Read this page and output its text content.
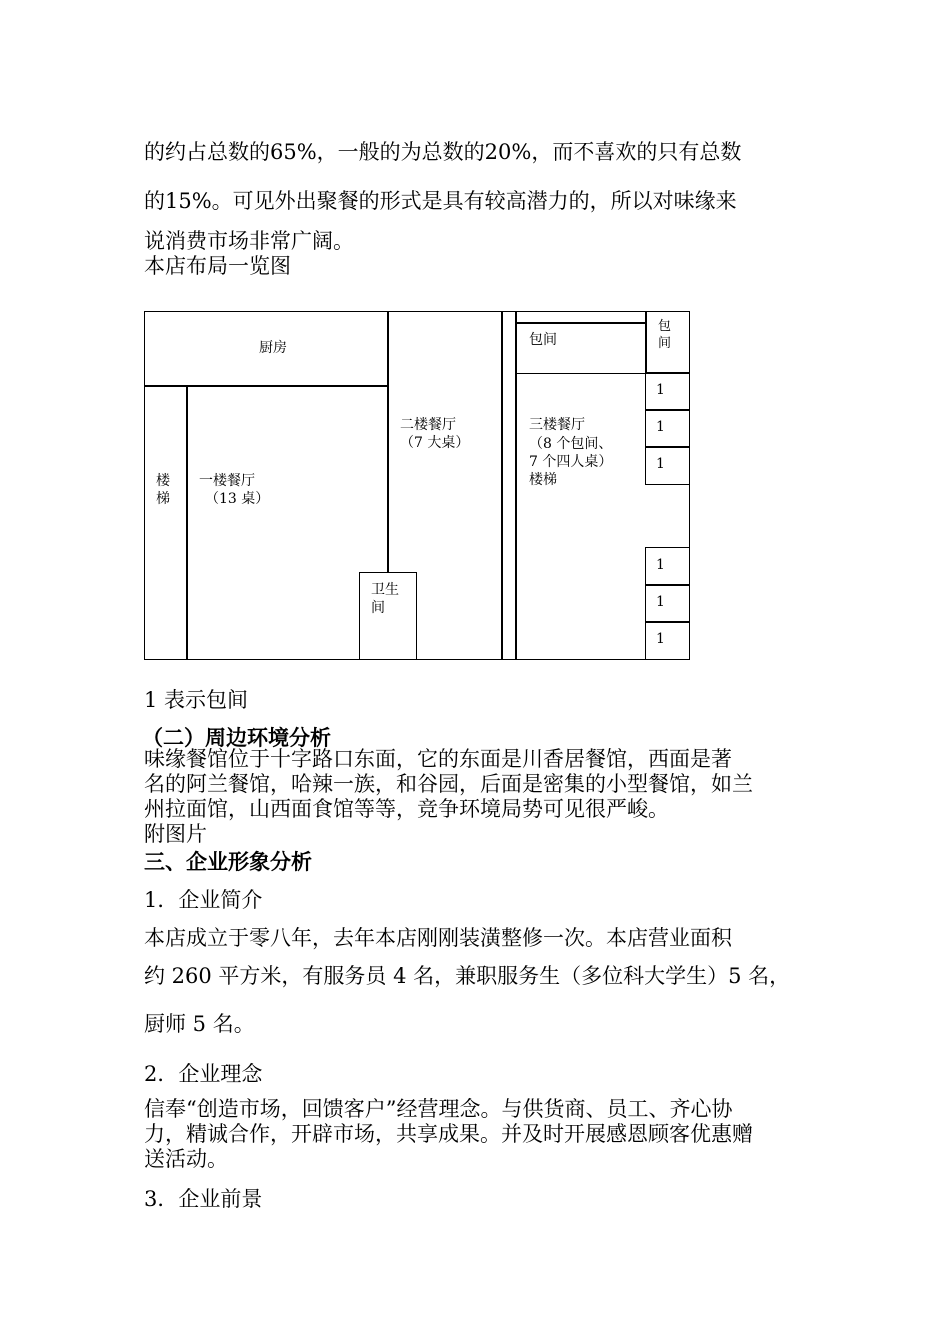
的约占总数的65%，一般的为总数的20%，而不喜欢的只有总数
的15%。可见外出聚餐的形式是具有较高潜力的，所以对味缘来
说消费市场非常广阔。
本店布局一览图
厨房
楼
梯
一楼餐厅
（13 桌）
二楼餐厅
（7 大桌）
卫生
间
包间
包
间
三楼餐厅
（8 个包间、
7 个四人桌）
楼梯
1
1
1
1
1
1
1 表示包间
（二）周边环境分析
味缘餐馆位于十字路口东面，它的东面是川香居餐馆，西面是著
名的阿兰餐馆，哈辣一族，和谷园，后面是密集的小型餐馆，如兰
州拉面馆，山西面食馆等等，竞争环境局势可见很严峻。
附图片
三、企业形象分析
1．企业简介
本店成立于零八年，去年本店刚刚装潢整修一次。本店营业面积
约 260 平方米，有服务员 4 名，兼职服务生（多位科大学生）5 名，
厨师 5 名。
2．企业理念
信奉“创造市场，回馈客户”经营理念。与供货商、员工、齐心协
力，精诚合作，开辟市场，共享成果。并及时开展感恩顾客优惠赠
送活动。
3．企业前景
